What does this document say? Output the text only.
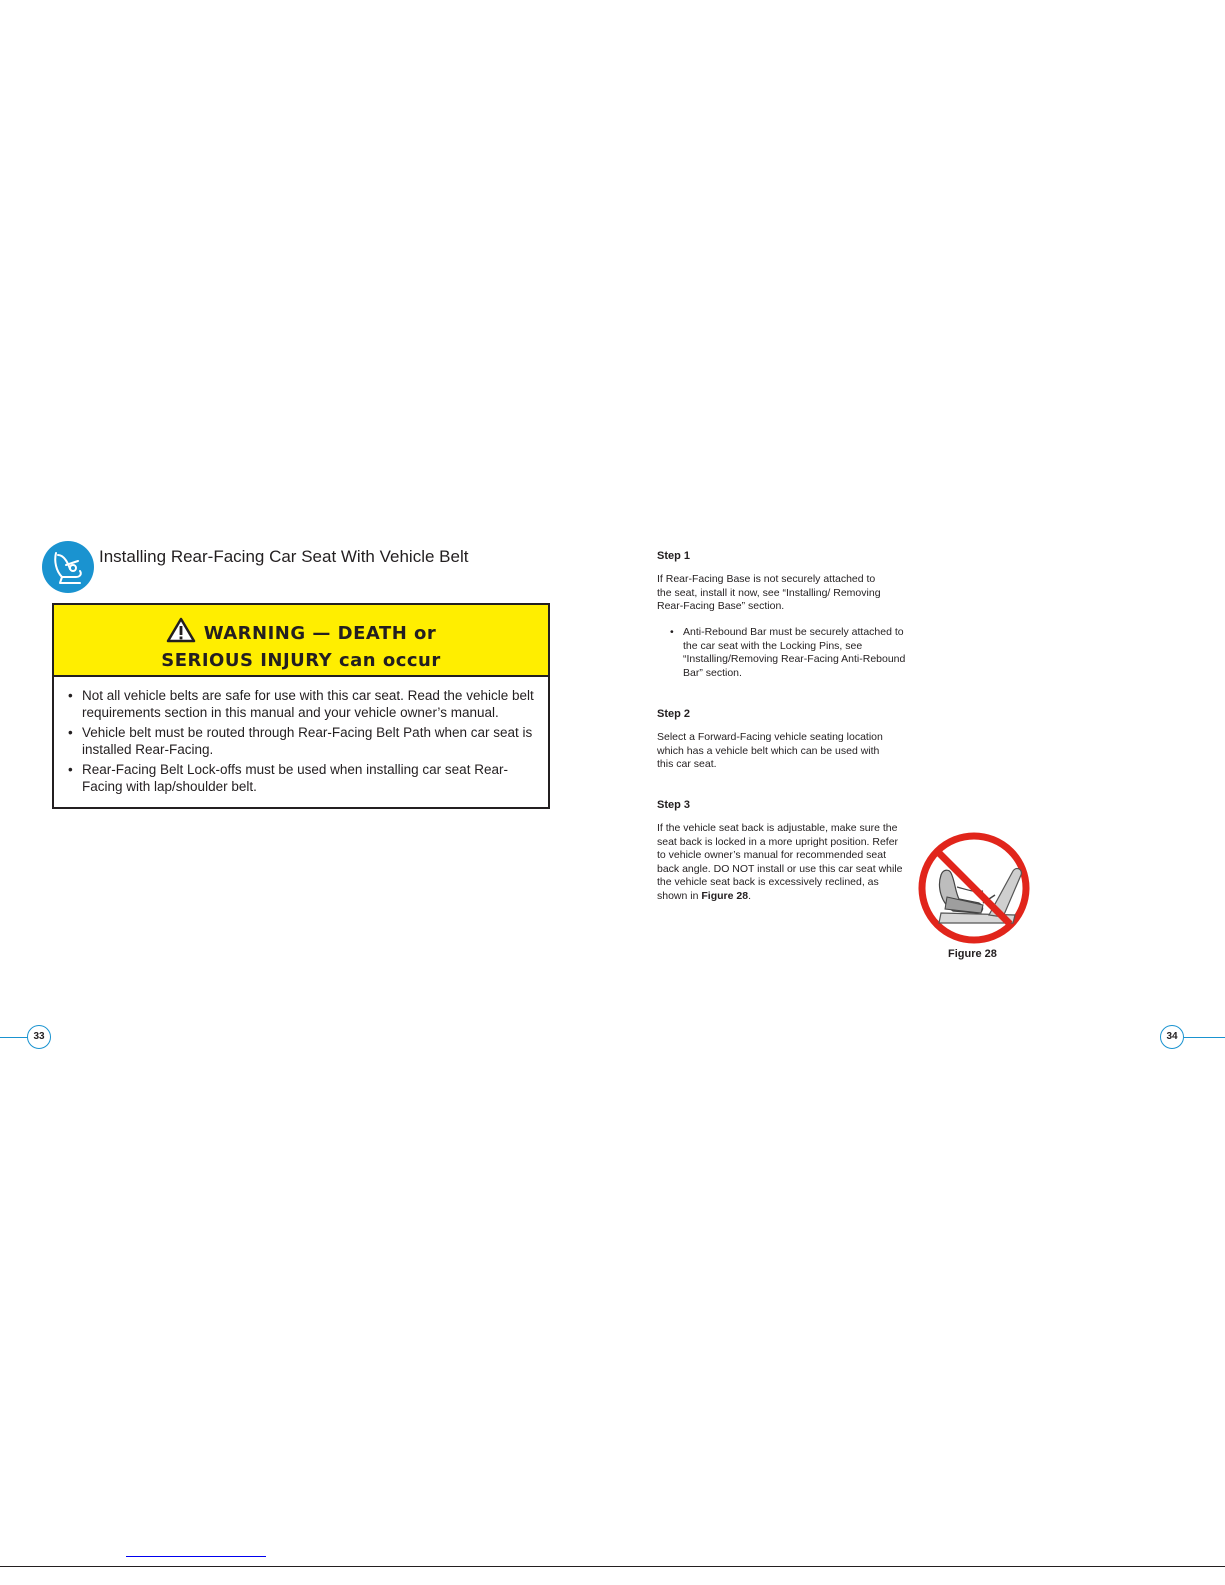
Installing Rear-Facing Car Seat With Vehicle Belt
WARNING — DEATH or
SERIOUS INJURY can occur
• Not all vehicle belts are safe for use with this car seat. Read the vehicle belt requirements section in this manual and your vehicle owner’s manual.
• Vehicle belt must be routed through Rear-Facing Belt Path when car seat is installed Rear-Facing.
• Rear-Facing Belt Lock-offs must be used when installing car seat Rear-Facing with lap/shoulder belt.
Step 1
If Rear-Facing Base is not securely attached to the seat, install it now, see “Installing/ Removing Rear-Facing Base” section.
• Anti-Rebound Bar must be securely attached to the car seat with the Locking Pins, see “Installing/Removing Rear-Facing Anti-Rebound Bar” section.
Step 2
Select a Forward-Facing vehicle seating location which has a vehicle belt which can be used with this car seat.
Step 3
If the vehicle seat back is adjustable, make sure the seat back is locked in a more upright position. Refer to vehicle owner’s manual for recommended seat back angle. DO NOT install or use this car seat while the vehicle seat back is excessively reclined, as shown in Figure 28.
Figure 28
33	34
